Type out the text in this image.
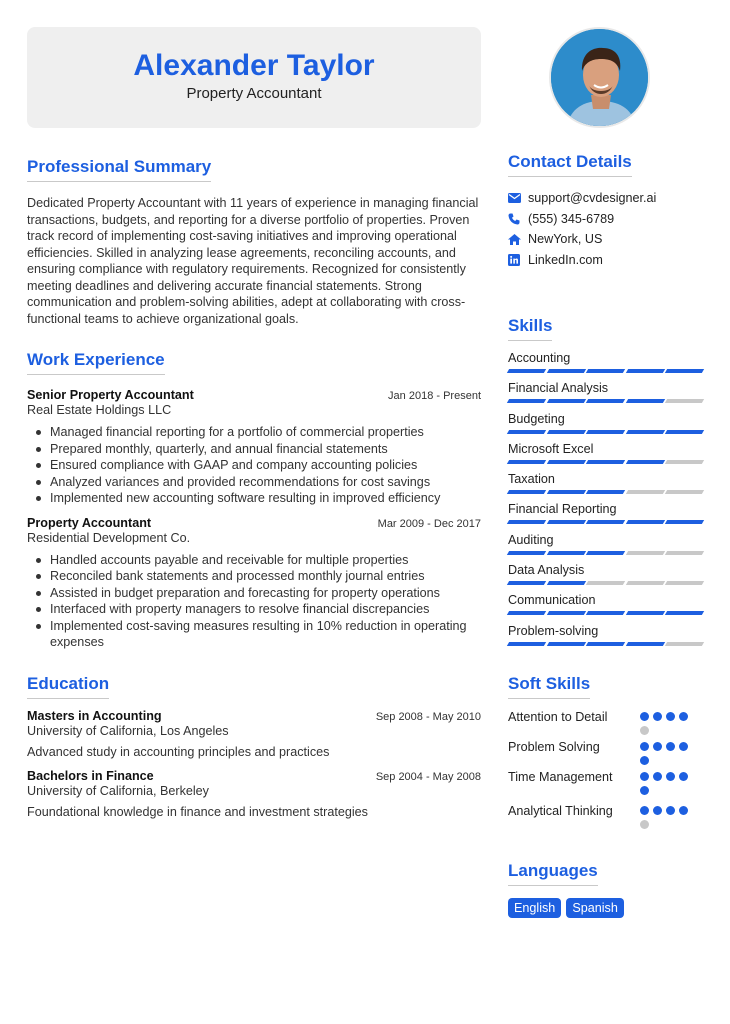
Alexander Taylor
Property Accountant
Professional Summary

Dedicated Property Accountant with 11 years of experience in managing financial transactions, budgets, and reporting for a diverse portfolio of properties. Proven track record of implementing cost-saving initiatives and improving operational efficiencies. Skilled in analyzing lease agreements, reconciling accounts, and ensuring compliance with regulatory requirements. Recognized for consistently meeting deadlines and delivering accurate financial statements. Strong communication and problem-solving abilities, adept at collaborating with cross-functional teams to achieve organizational goals.

Work Experience
Senior Property Accountant	Jan 2018 - Present
Real Estate Holdings LLC
Managed financial reporting for a portfolio of commercial properties
Prepared monthly, quarterly, and annual financial statements
Ensured compliance with GAAP and company accounting policies
Analyzed variances and provided recommendations for cost savings
Implemented new accounting software resulting in improved efficiency
Property Accountant	Mar 2009 - Dec 2017
Residential Development Co.
Handled accounts payable and receivable for multiple properties
Reconciled bank statements and processed monthly journal entries
Assisted in budget preparation and forecasting for property operations
Interfaced with property managers to resolve financial discrepancies
Implemented cost-saving measures resulting in 10% reduction in operating expenses
Education
Masters in Accounting	Sep 2008 - May 2010
University of California, Los Angeles
Advanced study in accounting principles and practices
Bachelors in Finance	Sep 2004 - May 2008
University of California, Berkeley
Foundational knowledge in finance and investment strategies
Contact Details
support@cvdesigner.ai
(555) 345-6789
NewYork, US
LinkedIn.com
Skills
Accounting
Financial Analysis
Budgeting
Microsoft Excel
Taxation
Financial Reporting
Auditing
Data Analysis
Communication
Problem-solving
Soft Skills
Attention to Detail
Problem Solving
Time Management
Analytical Thinking
Languages
English	Spanish
